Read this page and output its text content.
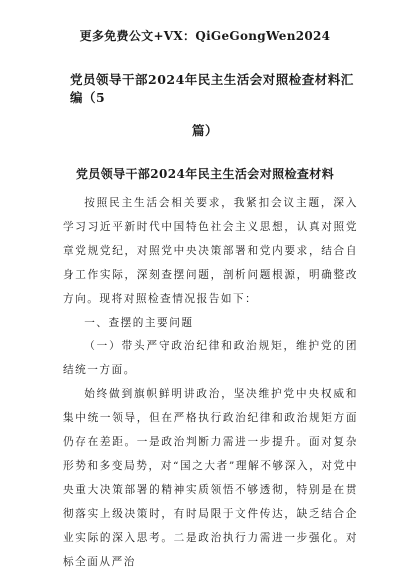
更多免费公文+VX：QiGeGongWen2024
党员领导干部2024年民主生活会对照检查材料汇编（5
篇）
党员领导干部2024年民主生活会对照检查材料

按照民主生活会相关要求，我紧扣会议主题，深入学习习近平新时代中国特色社会主义思想，认真对照党章党规党纪，对照党中央决策部署和党内要求，结合自身工作实际，深刻查摆问题，剖析问题根源，明确整改方向。现将对照检查情况报告如下：

一、查摆的主要问题

（一）带头严守政治纪律和政治规矩，维护党的团结统一方面。

始终做到旗帜鲜明讲政治，坚决维护党中央权威和集中统一领导，但在严格执行政治纪律和政治规矩方面仍存在差距。一是政治判断力需进一步提升。面对复杂形势和多变局势，对“国之大者”理解不够深入，对党中央重大决策部署的精神实质领悟不够透彻，特别是在贯彻落实上级决策时，有时局限于文件传达，缺乏结合企业实际的深入思考。二是政治执行力需进一步强化。对标全面从严治
